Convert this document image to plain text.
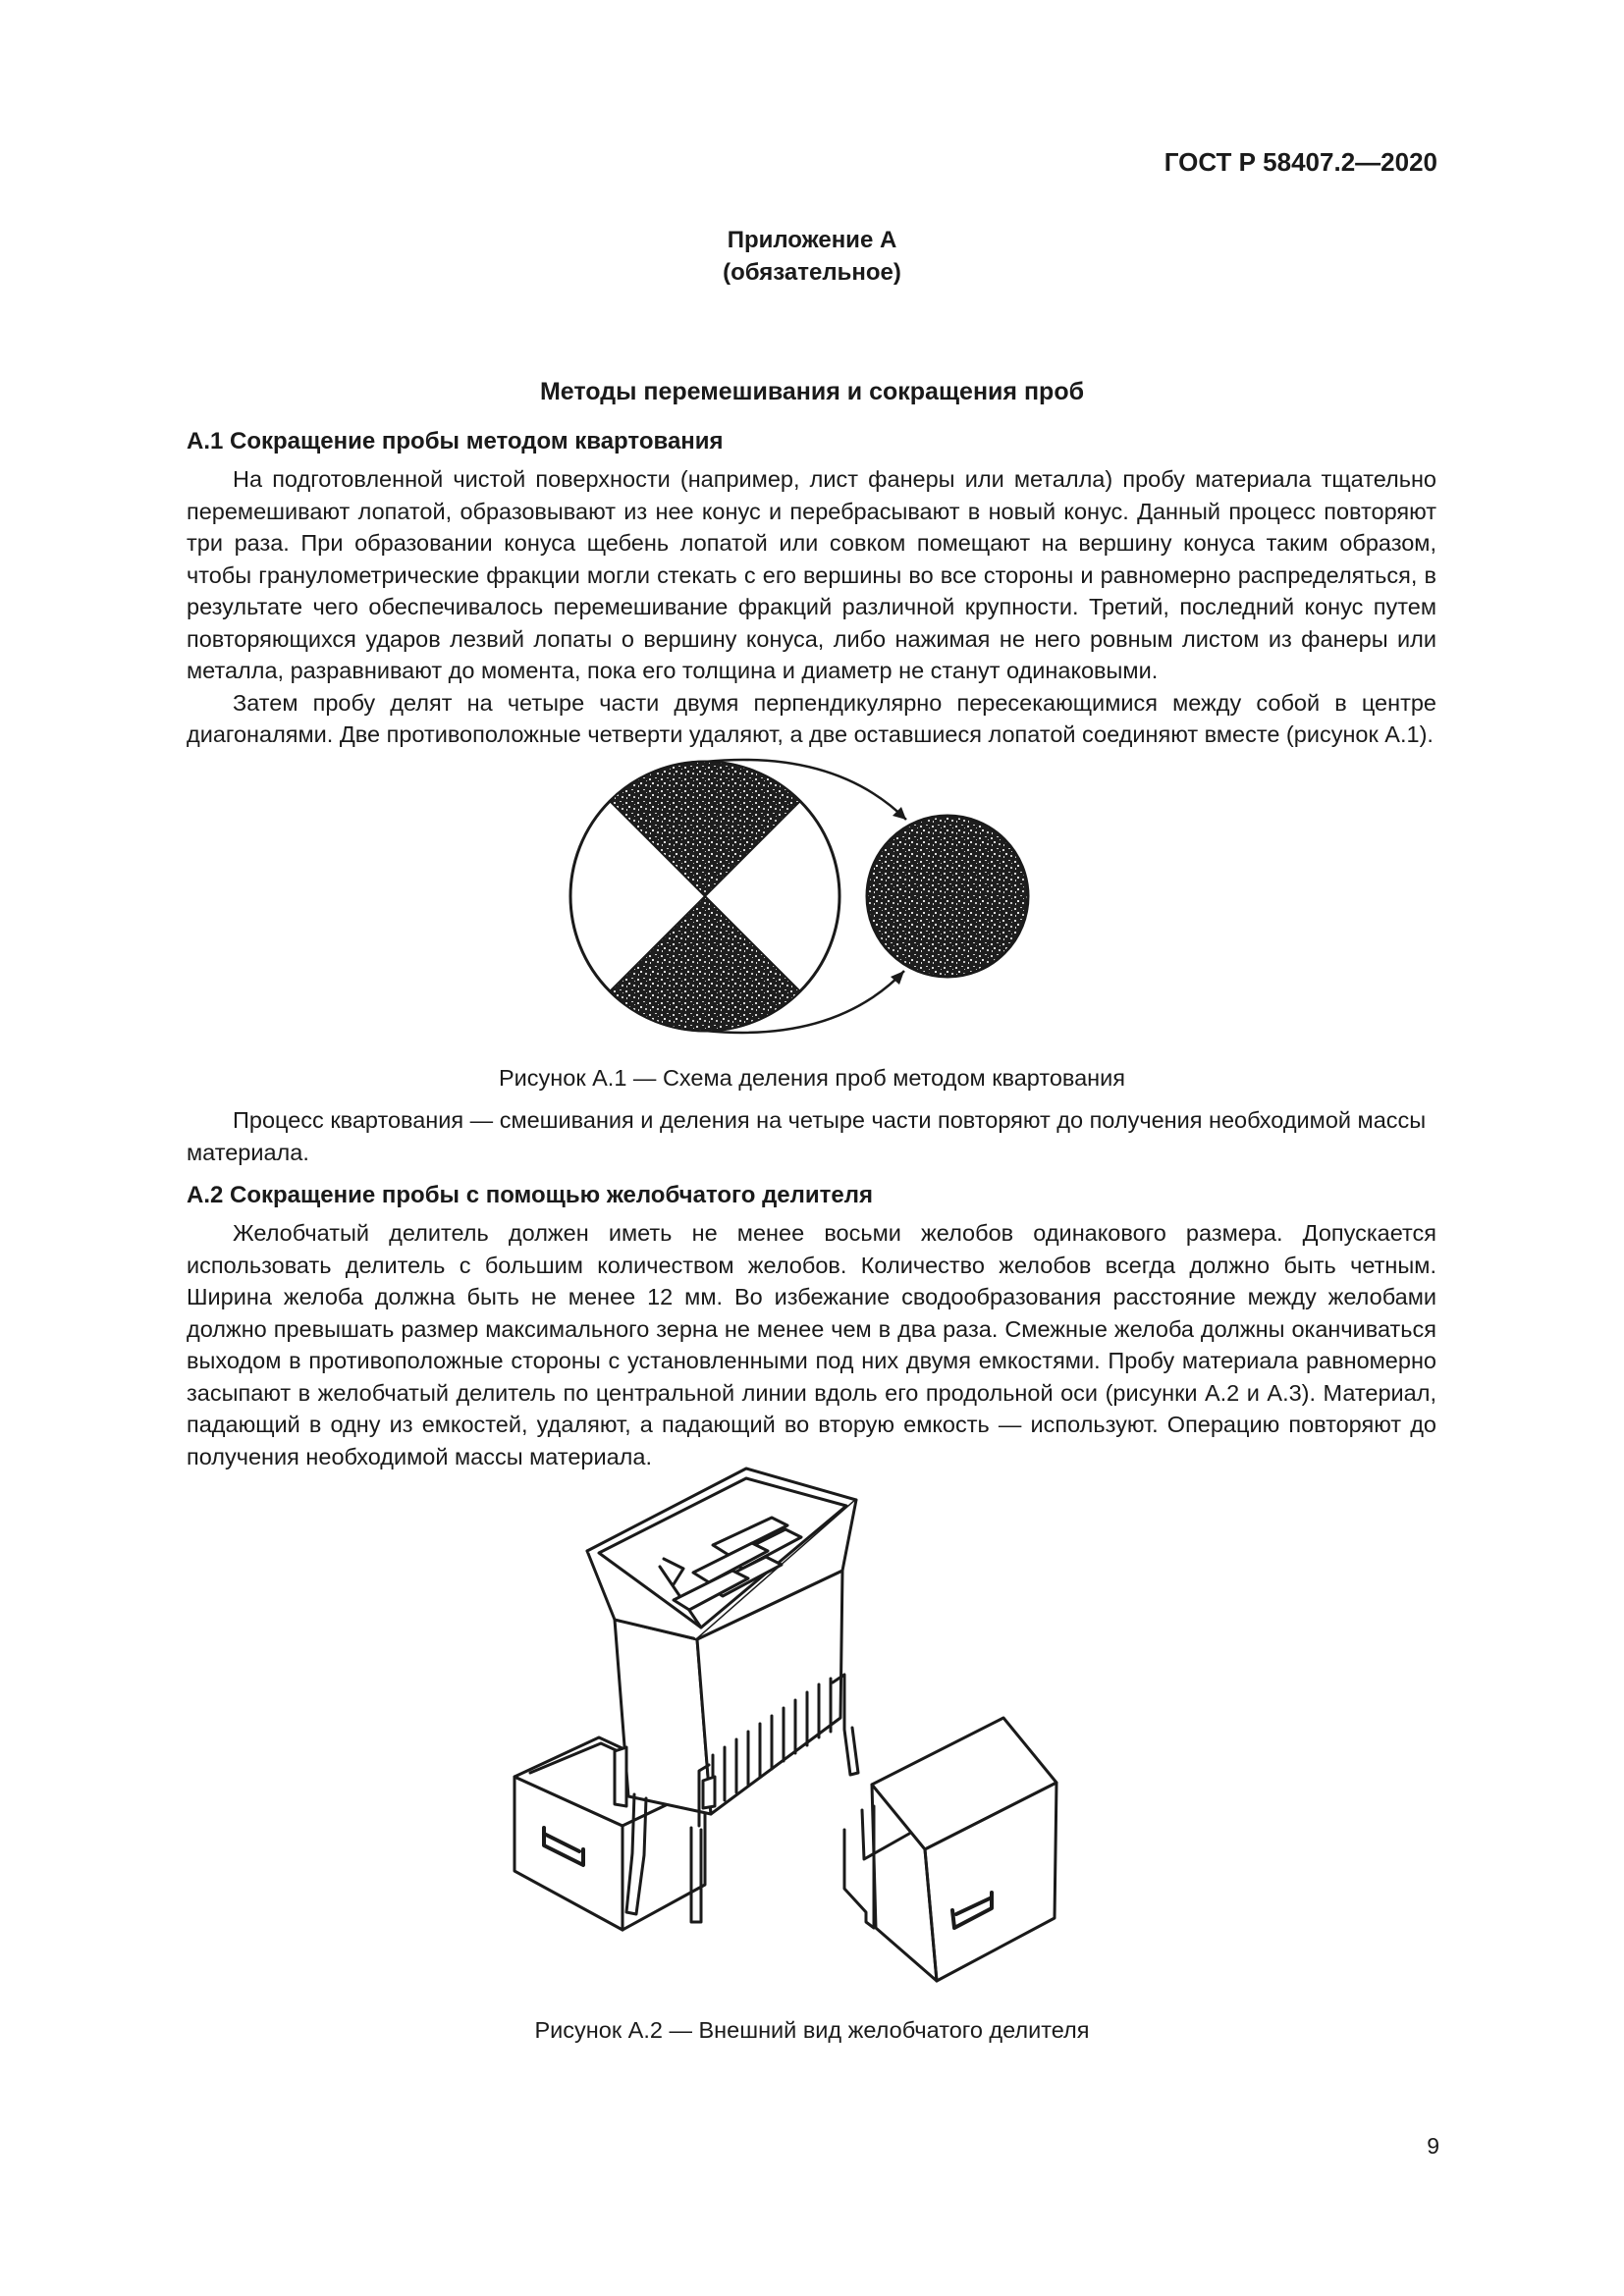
ГОСТ Р 58407.2—2020
Приложение А
(обязательное)
Методы перемешивания и сокращения проб
А.1 Сокращение пробы методом квартования

На подготовленной чистой поверхности (например, лист фанеры или металла) пробу материала тщательно перемешивают лопатой, образовывают из нее конус и перебрасывают в новый конус. Данный процесс повторяют три раза. При образовании конуса щебень лопатой или совком помещают на вершину конуса таким образом, чтобы гранулометрические фракции могли стекать с его вершины во все стороны и равномерно распределяться, в результате чего обеспечивалось перемешивание фракций различной крупности. Третий, последний конус путем повторяющихся ударов лезвий лопаты о вершину конуса, либо нажимая не него ровным листом из фанеры или металла, разравнивают до момента, пока его толщина и диаметр не станут одинаковыми.

Затем пробу делят на четыре части двумя перпендикулярно пересекающимися между собой в центре диагоналями. Две противоположные четверти удаляют, а две оставшиеся лопатой соединяют вместе (рисунок А.1).

Рисунок А.1 — Схема деления проб методом квартования

Процесс квартования — смешивания и деления на четыре части повторяют до получения необходимой массы материала.

А.2 Сокращение пробы с помощью желобчатого делителя

Желобчатый делитель должен иметь не менее восьми желобов одинакового размера. Допускается использовать делитель с большим количеством желобов. Количество желобов всегда должно быть четным. Ширина желоба должна быть не менее 12 мм. Во избежание сводообразования расстояние между желобами должно превышать размер максимального зерна не менее чем в два раза. Смежные желоба должны оканчиваться выходом в противоположные стороны с установленными под них двумя емкостями. Пробу материала равномерно засыпают в желобчатый делитель по центральной линии вдоль его продольной оси (рисунки А.2 и А.3). Материал, падающий в одну из емкостей, удаляют, а падающий во вторую емкость — используют. Операцию повторяют до получения необходимой массы материала.

Рисунок А.2 — Внешний вид желобчатого делителя
9
